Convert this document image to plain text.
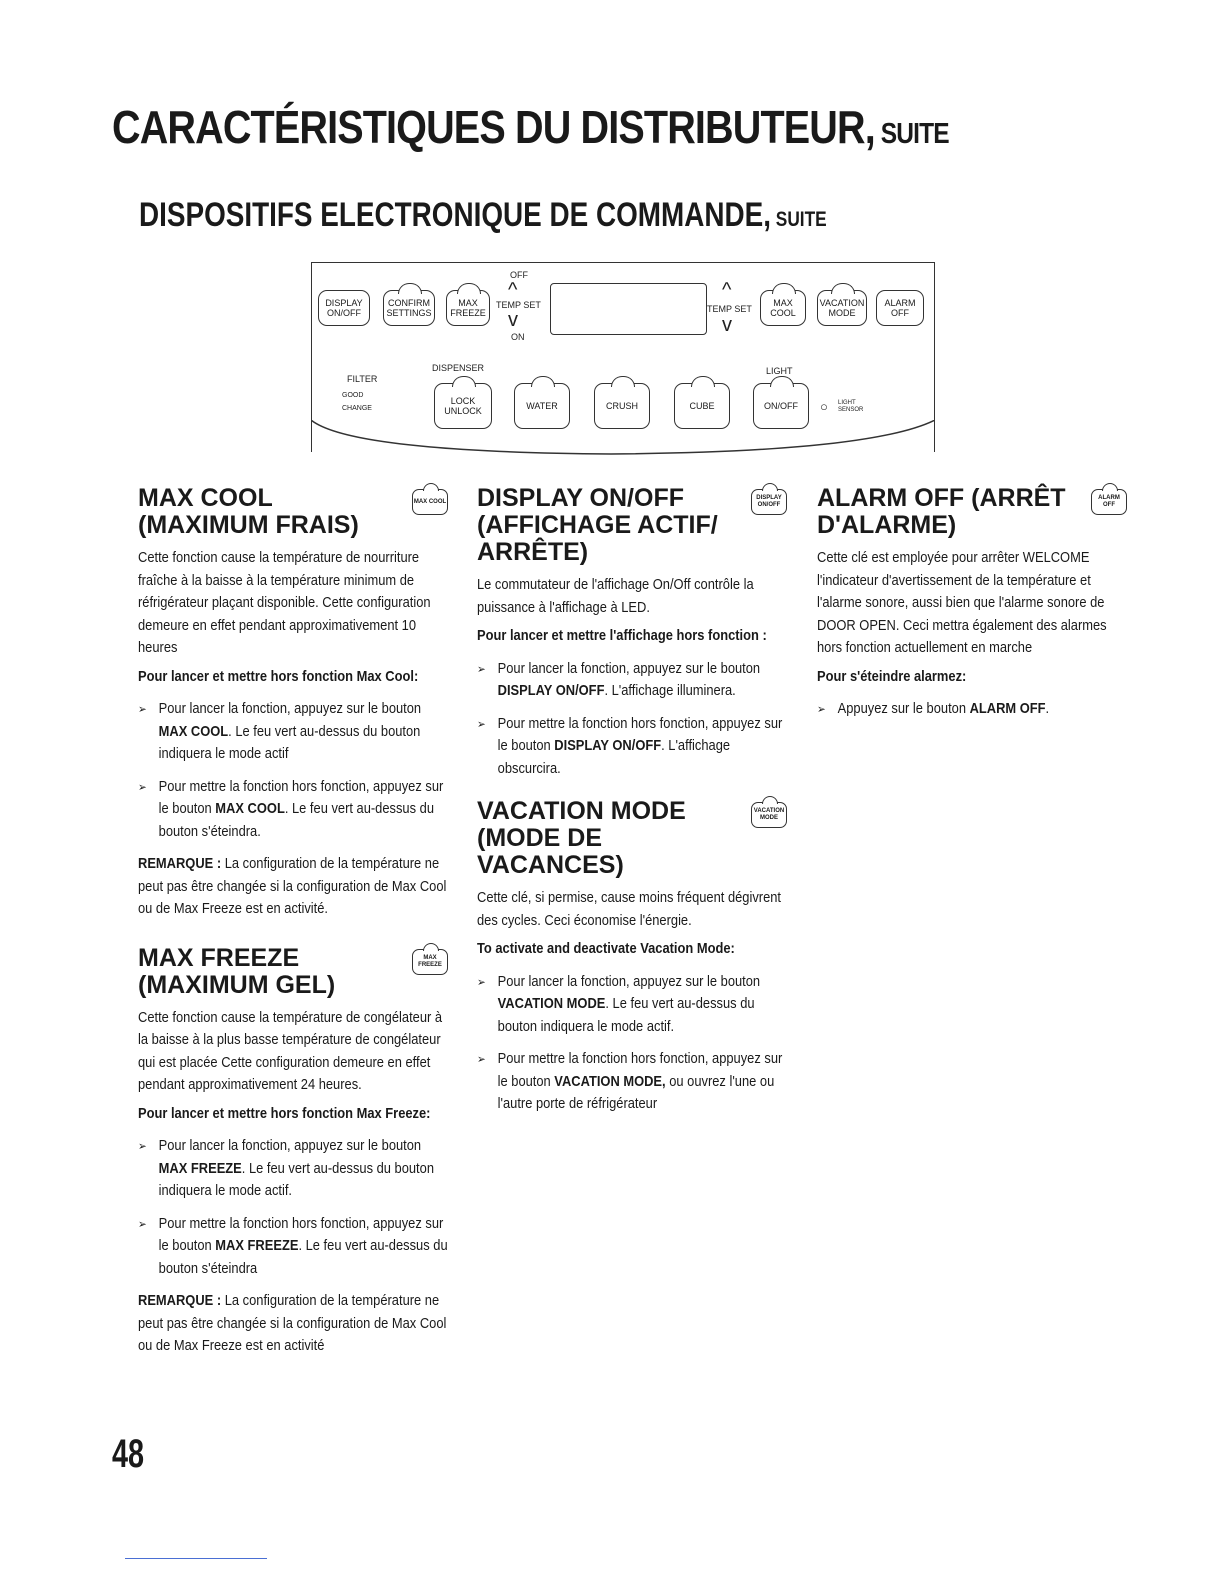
CARACTÉRISTIQUES DU DISTRIBUTEUR, SUITE
DISPOSITIFS ELECTRONIQUE DE COMMANDE, SUITE
DISPLAY ON/OFF
CONFIRM SETTINGS
MAX FREEZE
TEMP SET
OFF
^
v
ON
TEMP SET
^
v
MAX COOL
VACATION MODE
ALARM OFF
FILTER
GOOD
CHANGE
DISPENSER	LIGHT
LOCK UNLOCK	WATER	CRUSH	CUBE	ON/OFF ○ LIGHT SENSOR
MAX COOL (MAXIMUM FRAIS)
MAX COOL

Cette fonction cause la température de nourriture fraîche à la baisse à la température minimum de réfrigérateur plaçant disponible. Cette configuration demeure en effet pendant approximativement 10 heures

Pour lancer et mettre hors fonction Max Cool:

➢ Pour lancer la fonction, appuyez sur le bouton MAX COOL. Le feu vert au-dessus du bouton indiquera le mode actif
➢ Pour mettre la fonction hors fonction, appuyez sur le bouton MAX COOL. Le feu vert au-dessus du bouton s'éteindra.

REMARQUE : La configuration de la température ne peut pas être changée si la configuration de Max Cool ou de Max Freeze est en activité.

MAX FREEZE (MAXIMUM GEL)
MAX FREEZE

Cette fonction cause la température de congélateur à la baisse à la plus basse température de congélateur qui est placée Cette configuration demeure en effet pendant approximativement 24 heures.

Pour lancer et mettre hors fonction Max Freeze:

➢ Pour lancer la fonction, appuyez sur le bouton MAX FREEZE. Le feu vert au-dessus du bouton indiquera le mode actif.
➢ Pour mettre la fonction hors fonction, appuyez sur le bouton MAX FREEZE. Le feu vert au-dessus du bouton s'éteindra

REMARQUE : La configuration de la température ne peut pas être changée si la configuration de Max Cool ou de Max Freeze est en activité

DISPLAY ON/OFF (AFFICHAGE ACTIF/ ARRÊTE)
DISPLAY ON/OFF

Le commutateur de l'affichage On/Off contrôle la puissance à l'affichage à LED.

Pour lancer et mettre l'affichage hors fonction :

➢ Pour lancer la fonction, appuyez sur le bouton DISPLAY ON/OFF. L'affichage illuminera.
➢ Pour mettre la fonction hors fonction, appuyez sur le bouton DISPLAY ON/OFF. L'affichage obscurcira.
VACATION MODE (MODE DE VACANCES)
VACATION MODE

Cette clé, si permise, cause moins fréquent dégivrent des cycles. Ceci économise l'énergie.

To activate and deactivate Vacation Mode:

➢ Pour lancer la fonction, appuyez sur le bouton VACATION MODE. Le feu vert au-dessus du bouton indiquera le mode actif.
➢ Pour mettre la fonction hors fonction, appuyez sur le bouton VACATION MODE, ou ouvrez l'une ou l'autre porte de réfrigérateur
ALARM OFF (ARRÊT D'ALARME)
ALARM OFF

Cette clé est employée pour arrêter WELCOME l'indicateur d'avertissement de la température et l'alarme sonore, aussi bien que l'alarme sonore de DOOR OPEN. Ceci mettra également des alarmes hors fonction actuellement en marche

Pour s'éteindre alarmez:

➢ Appuyez sur le bouton ALARM OFF.
48
